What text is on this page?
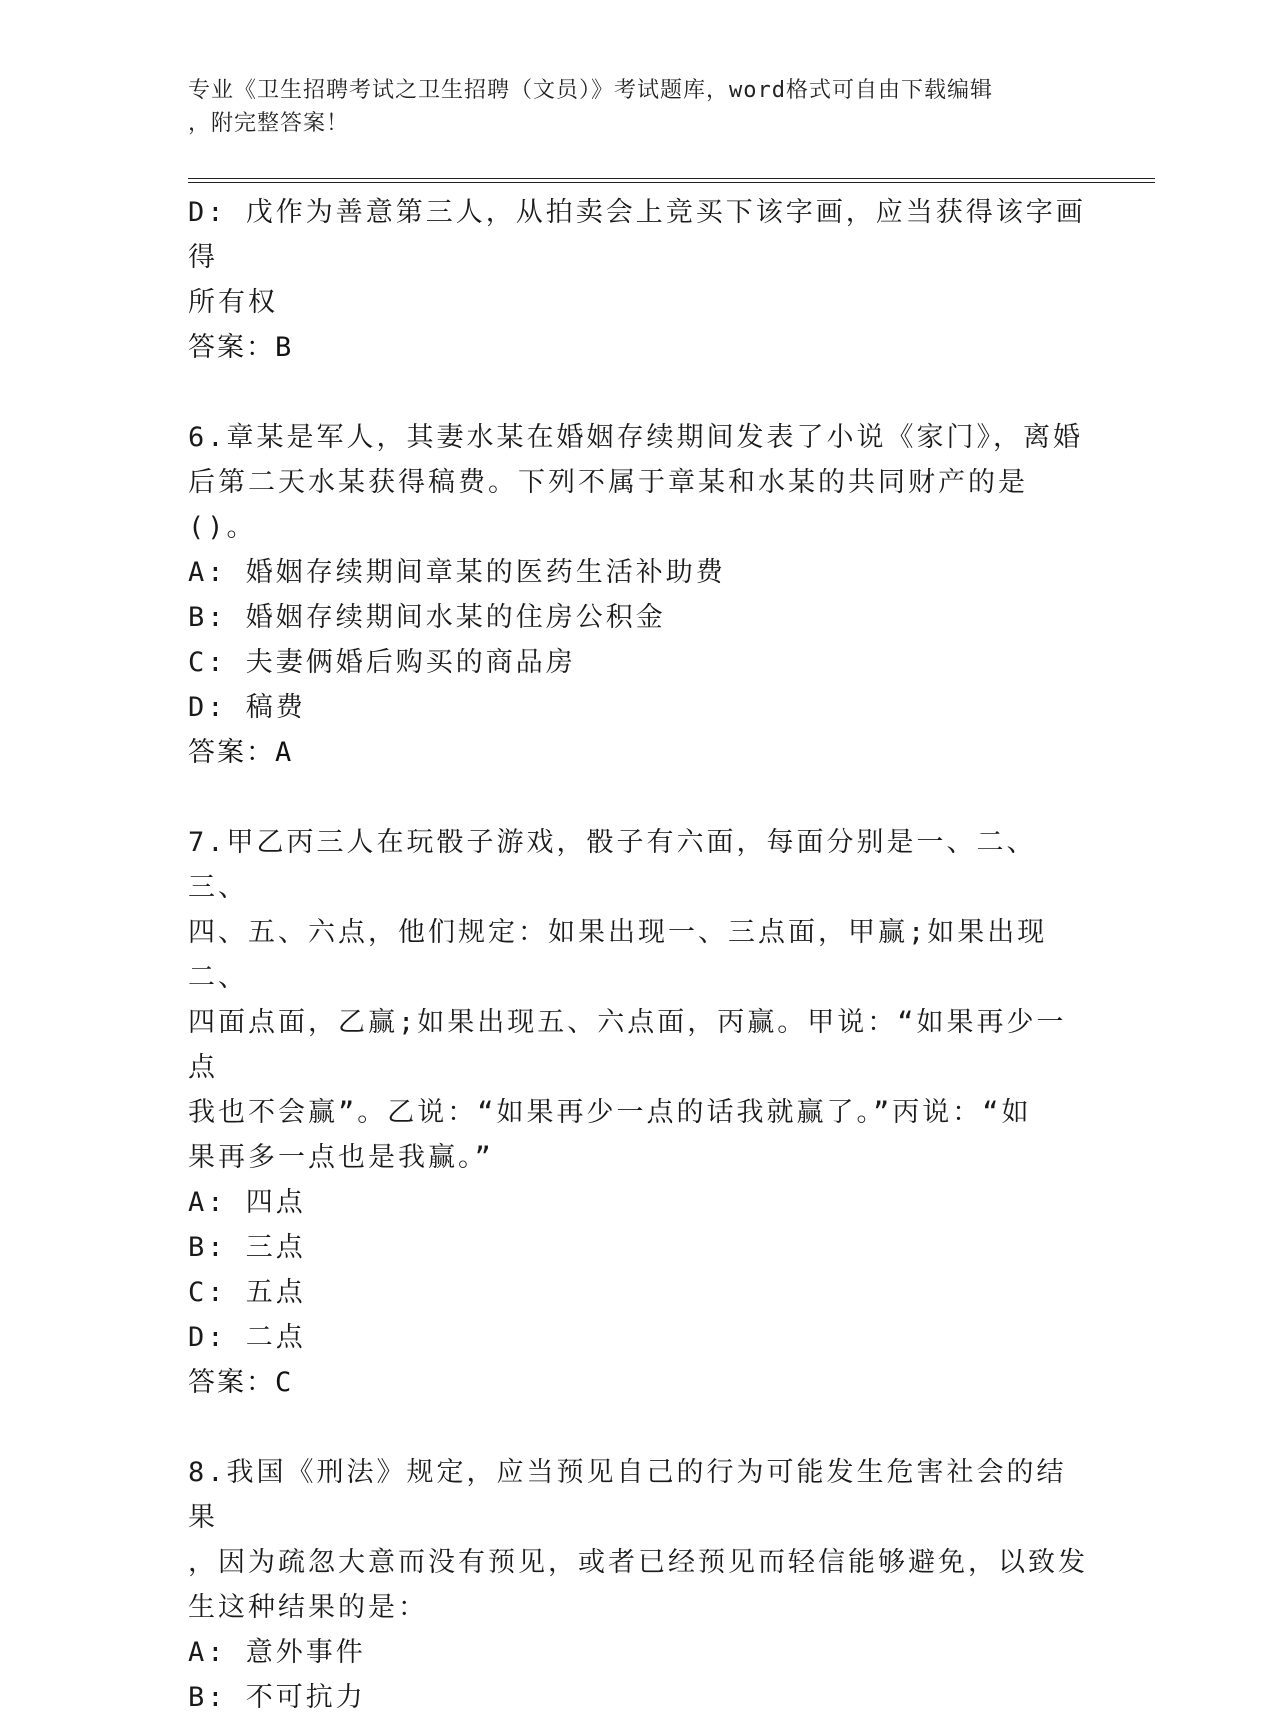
专业《卫生招聘考试之卫生招聘（文员）》考试题库，word格式可自由下载编辑
，附完整答案！

D: 戊作为善意第三人，从拍卖会上竞买下该字画，应当获得该字画得

所有权

答案：B

6.章某是军人，其妻水某在婚姻存续期间发表了小说《家门》，离婚

后第二天水某获得稿费。下列不属于章某和水某的共同财产的是()。

A: 婚姻存续期间章某的医药生活补助费

B: 婚姻存续期间水某的住房公积金

C: 夫妻俩婚后购买的商品房

D: 稿费

答案：A

7.甲乙丙三人在玩骰子游戏，骰子有六面，每面分别是一、二、三、

四、五、六点，他们规定：如果出现一、三点面，甲赢;如果出现二、

四面点面，乙赢;如果出现五、六点面，丙赢。甲说：“如果再少一点

我也不会赢”。乙说：“如果再少一点的话我就赢了。”丙说：“如

果再多一点也是我赢。”

A: 四点

B: 三点

C: 五点

D: 二点

答案：C

8.我国《刑法》规定，应当预见自己的行为可能发生危害社会的结果

，因为疏忽大意而没有预见，或者已经预见而轻信能够避免，以致发

生这种结果的是：

A: 意外事件

B: 不可抗力
